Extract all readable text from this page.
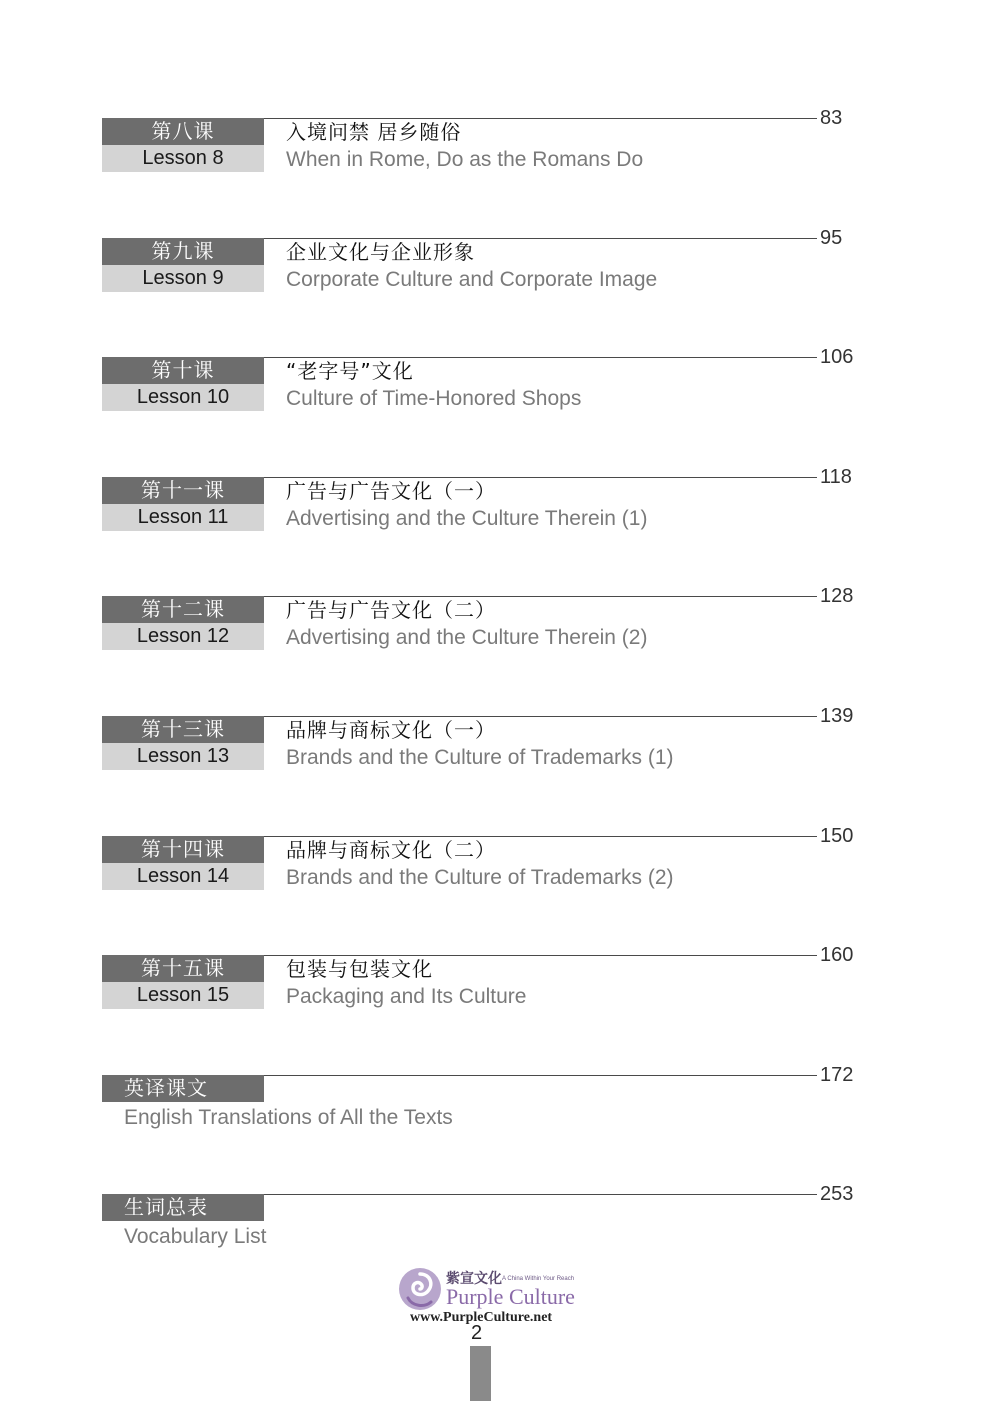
83
第八课
Lesson 8
入境问禁 居乡随俗
When in Rome, Do as the Romans Do
95
第九课
Lesson 9
企业文化与企业形象
Corporate Culture and Corporate Image
106
第十课
Lesson 10
“老字号”文化
Culture of Time-Honored Shops
118
第十一课
Lesson 11
广告与广告文化（一）
Advertising and the Culture Therein (1)
128
第十二课
Lesson 12
广告与广告文化（二）
Advertising and the Culture Therein (2)
139
第十三课
Lesson 13
品牌与商标文化（一）
Brands and the Culture of Trademarks (1)
150
第十四课
Lesson 14
品牌与商标文化（二）
Brands and the Culture of Trademarks (2)
160
第十五课
Lesson 15
包装与包装文化
Packaging and Its Culture
172
英译课文
English Translations of All the Texts
253
生词总表
Vocabulary List
紫宣文化 A China Within Your Reach
Purple Culture
www.PurpleCulture.net
2
